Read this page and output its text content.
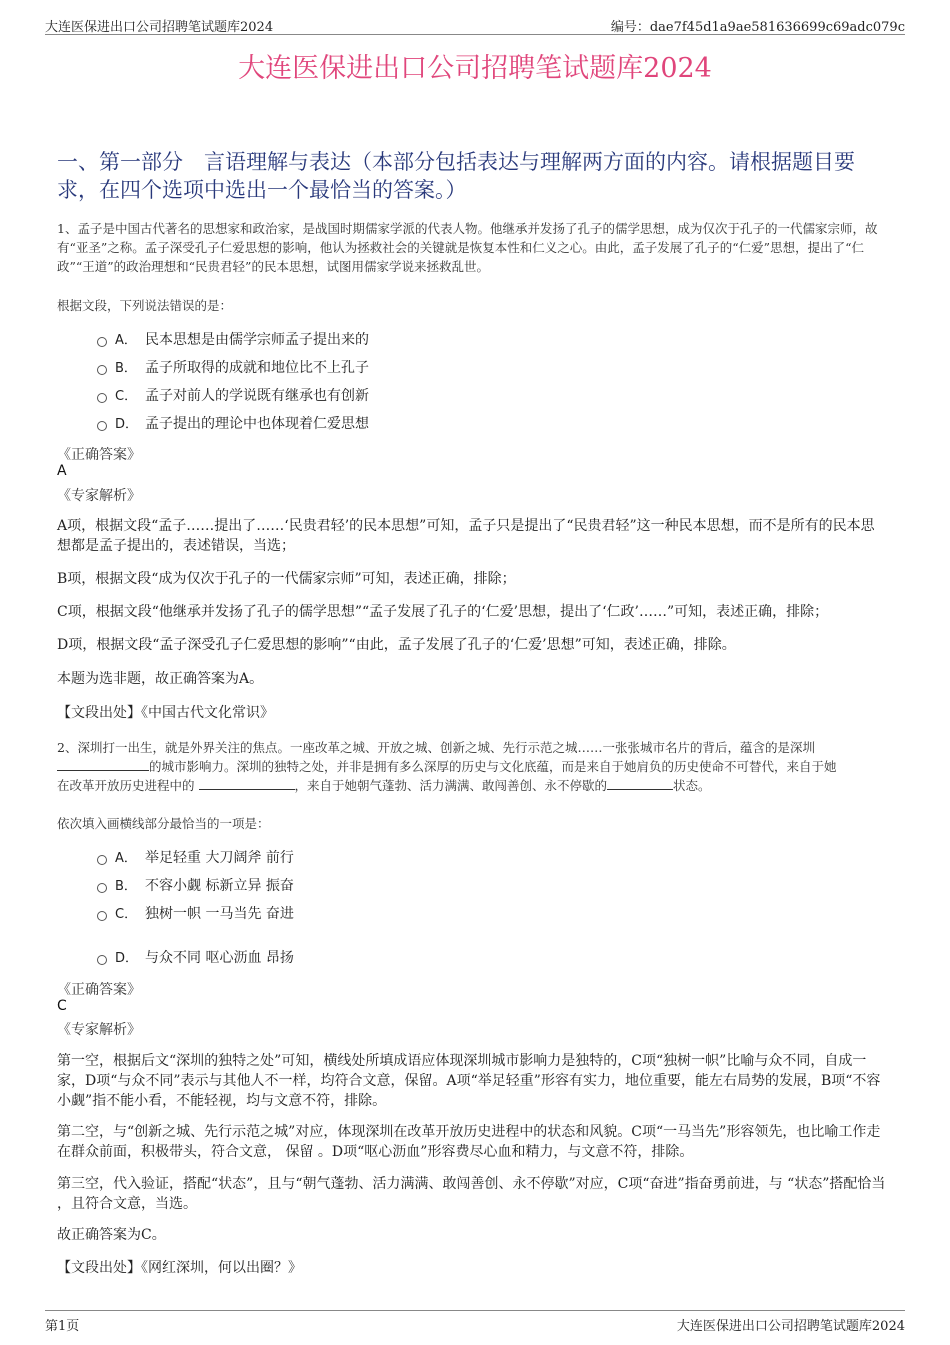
大连医保进出口公司招聘笔试题库2024	编号：dae7f45d1a9ae581636699c69adc079c
大连医保进出口公司招聘笔试题库2024
一、第一部分　言语理解与表达（本部分包括表达与理解两方面的内容。请根据题目要求，在四个选项中选出一个最恰当的答案。）
1、孟子是中国古代著名的思想家和政治家，是战国时期儒家学派的代表人物。他继承并发扬了孔子的儒学思想，成为仅次于孔子的一代儒家宗师，故有“亚圣”之称。孟子深受孔子仁爱思想的影响，他认为拯救社会的关键就是恢复本性和仁义之心。由此，孟子发展了孔子的“仁爱”思想，提出了“仁政”“王道”的政治理想和“民贵君轻”的民本思想，试图用儒家学说来拯救乱世。
根据文段，下列说法错误的是：
A． 民本思想是由儒学宗师孟子提出来的
B． 孟子所取得的成就和地位比不上孔子
C． 孟子对前人的学说既有继承也有创新
D． 孟子提出的理论中也体现着仁爱思想
《正确答案》
A
《专家解析》
A项，根据文段“孟子……提出了……‘民贵君轻’的民本思想”可知，孟子只是提出了“民贵君轻”这一种民本思想，而不是所有的民本思想都是孟子提出的，表述错误，当选；
B项，根据文段“成为仅次于孔子的一代儒家宗师”可知，表述正确，排除；
C项，根据文段“他继承并发扬了孔子的儒学思想”“孟子发展了孔子的‘仁爱’思想，提出了‘仁政’……”可知，表述正确，排除；
D项，根据文段“孟子深受孔子仁爱思想的影响”“由此，孟子发展了孔子的‘仁爱’思想”可知，表述正确，排除。
本题为选非题，故正确答案为A。
【文段出处】《中国古代文化常识》
2、深圳打一出生，就是外界关注的焦点。一座改革之城、开放之城、创新之城、先行示范之城……一张张城市名片的背后，蕴含的是深圳
的城市影响力。深圳的独特之处，并非是拥有多么深厚的历史与文化底蕴，而是来自于她肩负的历史使命不可替代，来自于她
在改革开放历史进程中的	，来自于她朝气蓬勃、活力满满、敢闯善创、永不停歇的	状态。
依次填入画横线部分最恰当的一项是：
A． 举足轻重 大刀阔斧 前行
B． 不容小觑 标新立异 振奋
C． 独树一帜 一马当先 奋进
D． 与众不同 呕心沥血 昂扬
《正确答案》
C
《专家解析》
第一空，根据后文“深圳的独特之处”可知，横线处所填成语应体现深圳城市影响力是独特的，C项“独树一帜”比喻与众不同，自成一家，D项“与众不同”表示与其他人不一样，均符合文意，保留。A项“举足轻重”形容有实力，地位重要，能左右局势的发展，B项“不容小觑”指不能小看，不能轻视，均与文意不符，排除。
第二空，与“创新之城、先行示范之城”对应，体现深圳在改革开放历史进程中的状态和风貌。C项“一马当先”形容领先，也比喻工作走在群众前面，积极带头，符合文意， 保留 。D项“呕心沥血”形容费尽心血和精力，与文意不符，排除。
第三空，代入验证，搭配“状态”，且与“朝气蓬勃、活力满满、敢闯善创、永不停歇”对应，C项“奋进”指奋勇前进，与 “状态”搭配恰当 ，且符合文意，当选。
故正确答案为C。
【文段出处】《网红深圳，何以出圈？》
第1页	大连医保进出口公司招聘笔试题库2024
